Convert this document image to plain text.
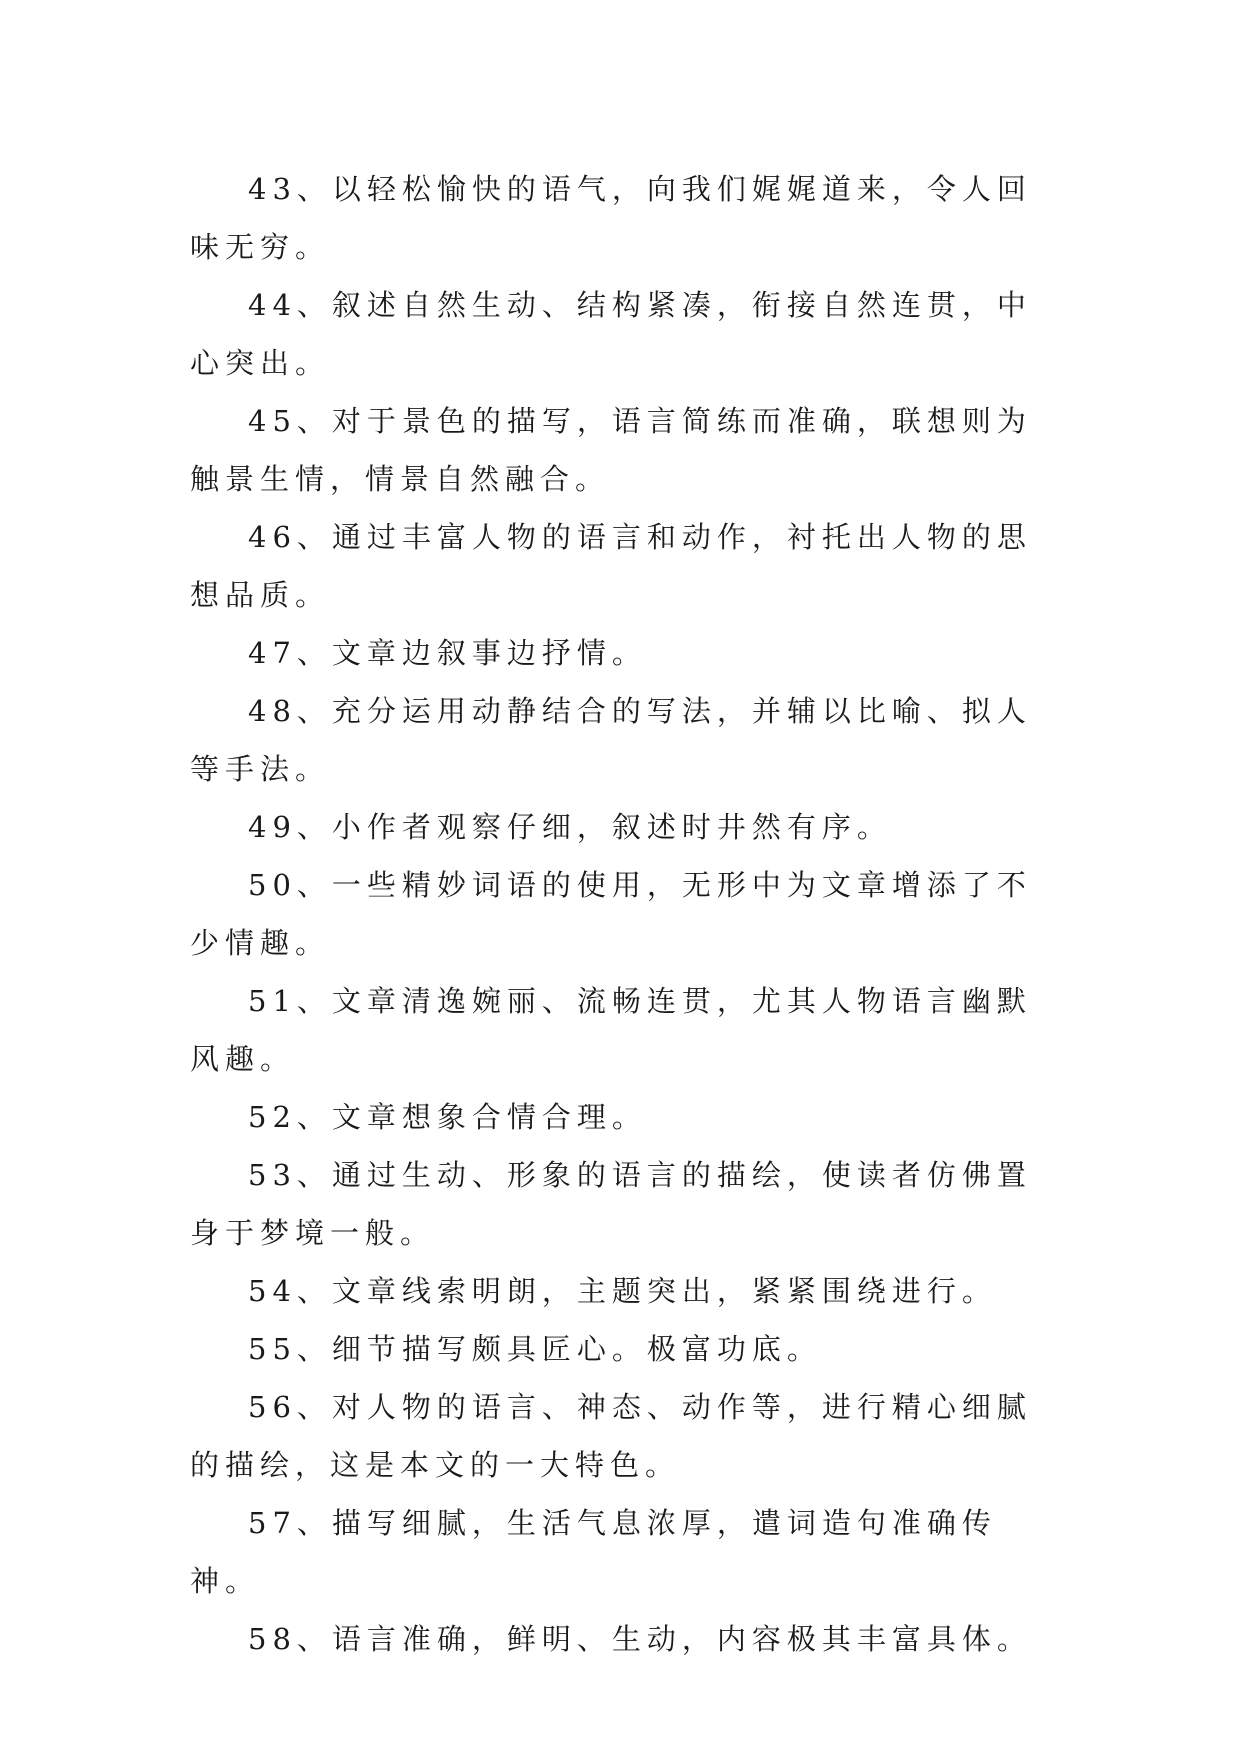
43、以轻松愉快的语气，向我们娓娓道来，令人回味无穷。

44、叙述自然生动、结构紧凑，衔接自然连贯，中心突出。

45、对于景色的描写，语言简练而准确，联想则为触景生情，情景自然融合。

46、通过丰富人物的语言和动作，衬托出人物的思想品质。

47、文章边叙事边抒情。

48、充分运用动静结合的写法，并辅以比喻、拟人等手法。

49、小作者观察仔细，叙述时井然有序。

50、一些精妙词语的使用，无形中为文章增添了不少情趣。

51、文章清逸婉丽、流畅连贯，尤其人物语言幽默风趣。

52、文章想象合情合理。

53、通过生动、形象的语言的描绘，使读者仿佛置身于梦境一般。

54、文章线索明朗，主题突出，紧紧围绕进行。

55、细节描写颇具匠心。极富功底。

56、对人物的语言、神态、动作等，进行精心细腻的描绘，这是本文的一大特色。

57、描写细腻，生活气息浓厚，遣词造句准确传神。

58、语言准确，鲜明、生动，内容极其丰富具体。
